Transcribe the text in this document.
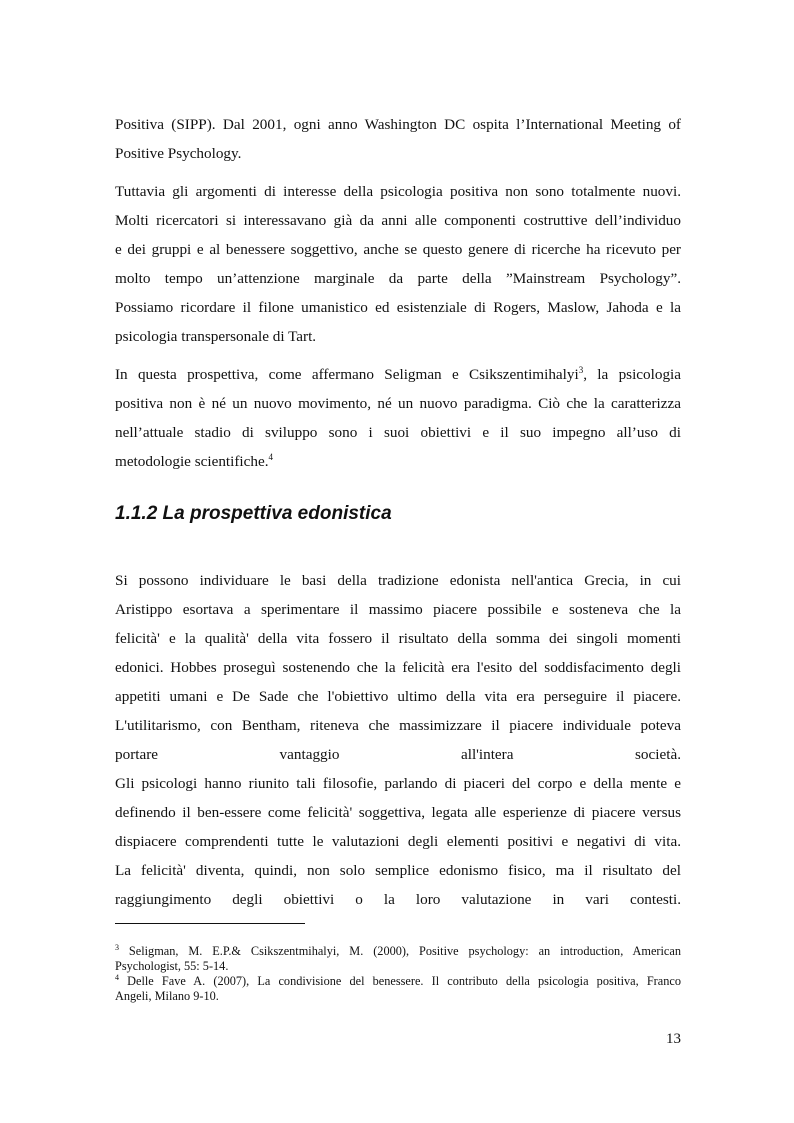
Positiva (SIPP). Dal 2001, ogni anno Washington DC ospita l’International Meeting of
Positive Psychology.

Tuttavia gli argomenti di interesse della psicologia positiva non sono totalmente nuovi.
Molti ricercatori si interessavano già da anni alle componenti costruttive dell’individuo
e dei gruppi e al benessere soggettivo, anche se questo genere di ricerche ha ricevuto per
molto tempo un’attenzione marginale da parte della ”Mainstream Psychology”.
Possiamo ricordare il filone umanistico ed esistenziale di Rogers, Maslow, Jahoda e la
psicologia transpersonale di Tart.

In questa prospettiva, come affermano Seligman e Csikszentimihalyi$^3$, la psicologia
positiva non è né un nuovo movimento, né un nuovo paradigma. Ciò che la caratterizza
nell’attuale stadio di sviluppo sono i suoi obiettivi e il suo impegno all’uso di
metodologie scientifiche.$^4$

1.1.2 La prospettiva edonistica

Si possono individuare le basi della tradizione edonista nell'antica Grecia, in cui
Aristippo esortava a sperimentare il massimo piacere possibile e sosteneva che la
felicità' e la qualità' della vita fossero il risultato della somma dei singoli momenti
edonici. Hobbes proseguì sostenendo che la felicità era l'esito del soddisfacimento degli
appetiti umani e De Sade che l'obiettivo ultimo della vita era perseguire il piacere.
L'utilitarismo, con Bentham, riteneva che massimizzare il piacere individuale poteva
portare vantaggio all'intera società.
Gli psicologi hanno riunito tali filosofie, parlando di piaceri del corpo e della mente e
definendo il ben-essere come felicità' soggettiva, legata alle esperienze di piacere versus
dispiacere comprendenti tutte le valutazioni degli elementi positivi e negativi di vita.
La felicità' diventa, quindi, non solo semplice edonismo fisico, ma il risultato del
raggiungimento degli obiettivi o la loro valutazione in vari contesti.

$^3$ Seligman, M. E.P.& Csikszentmihalyi, M. (2000), Positive psychology: an introduction, American
Psychologist, 55: 5-14.
$^4$ Delle Fave A. (2007), La condivisione del benessere. Il contributo della psicologia positiva, Franco
Angeli, Milano 9-10.
13
